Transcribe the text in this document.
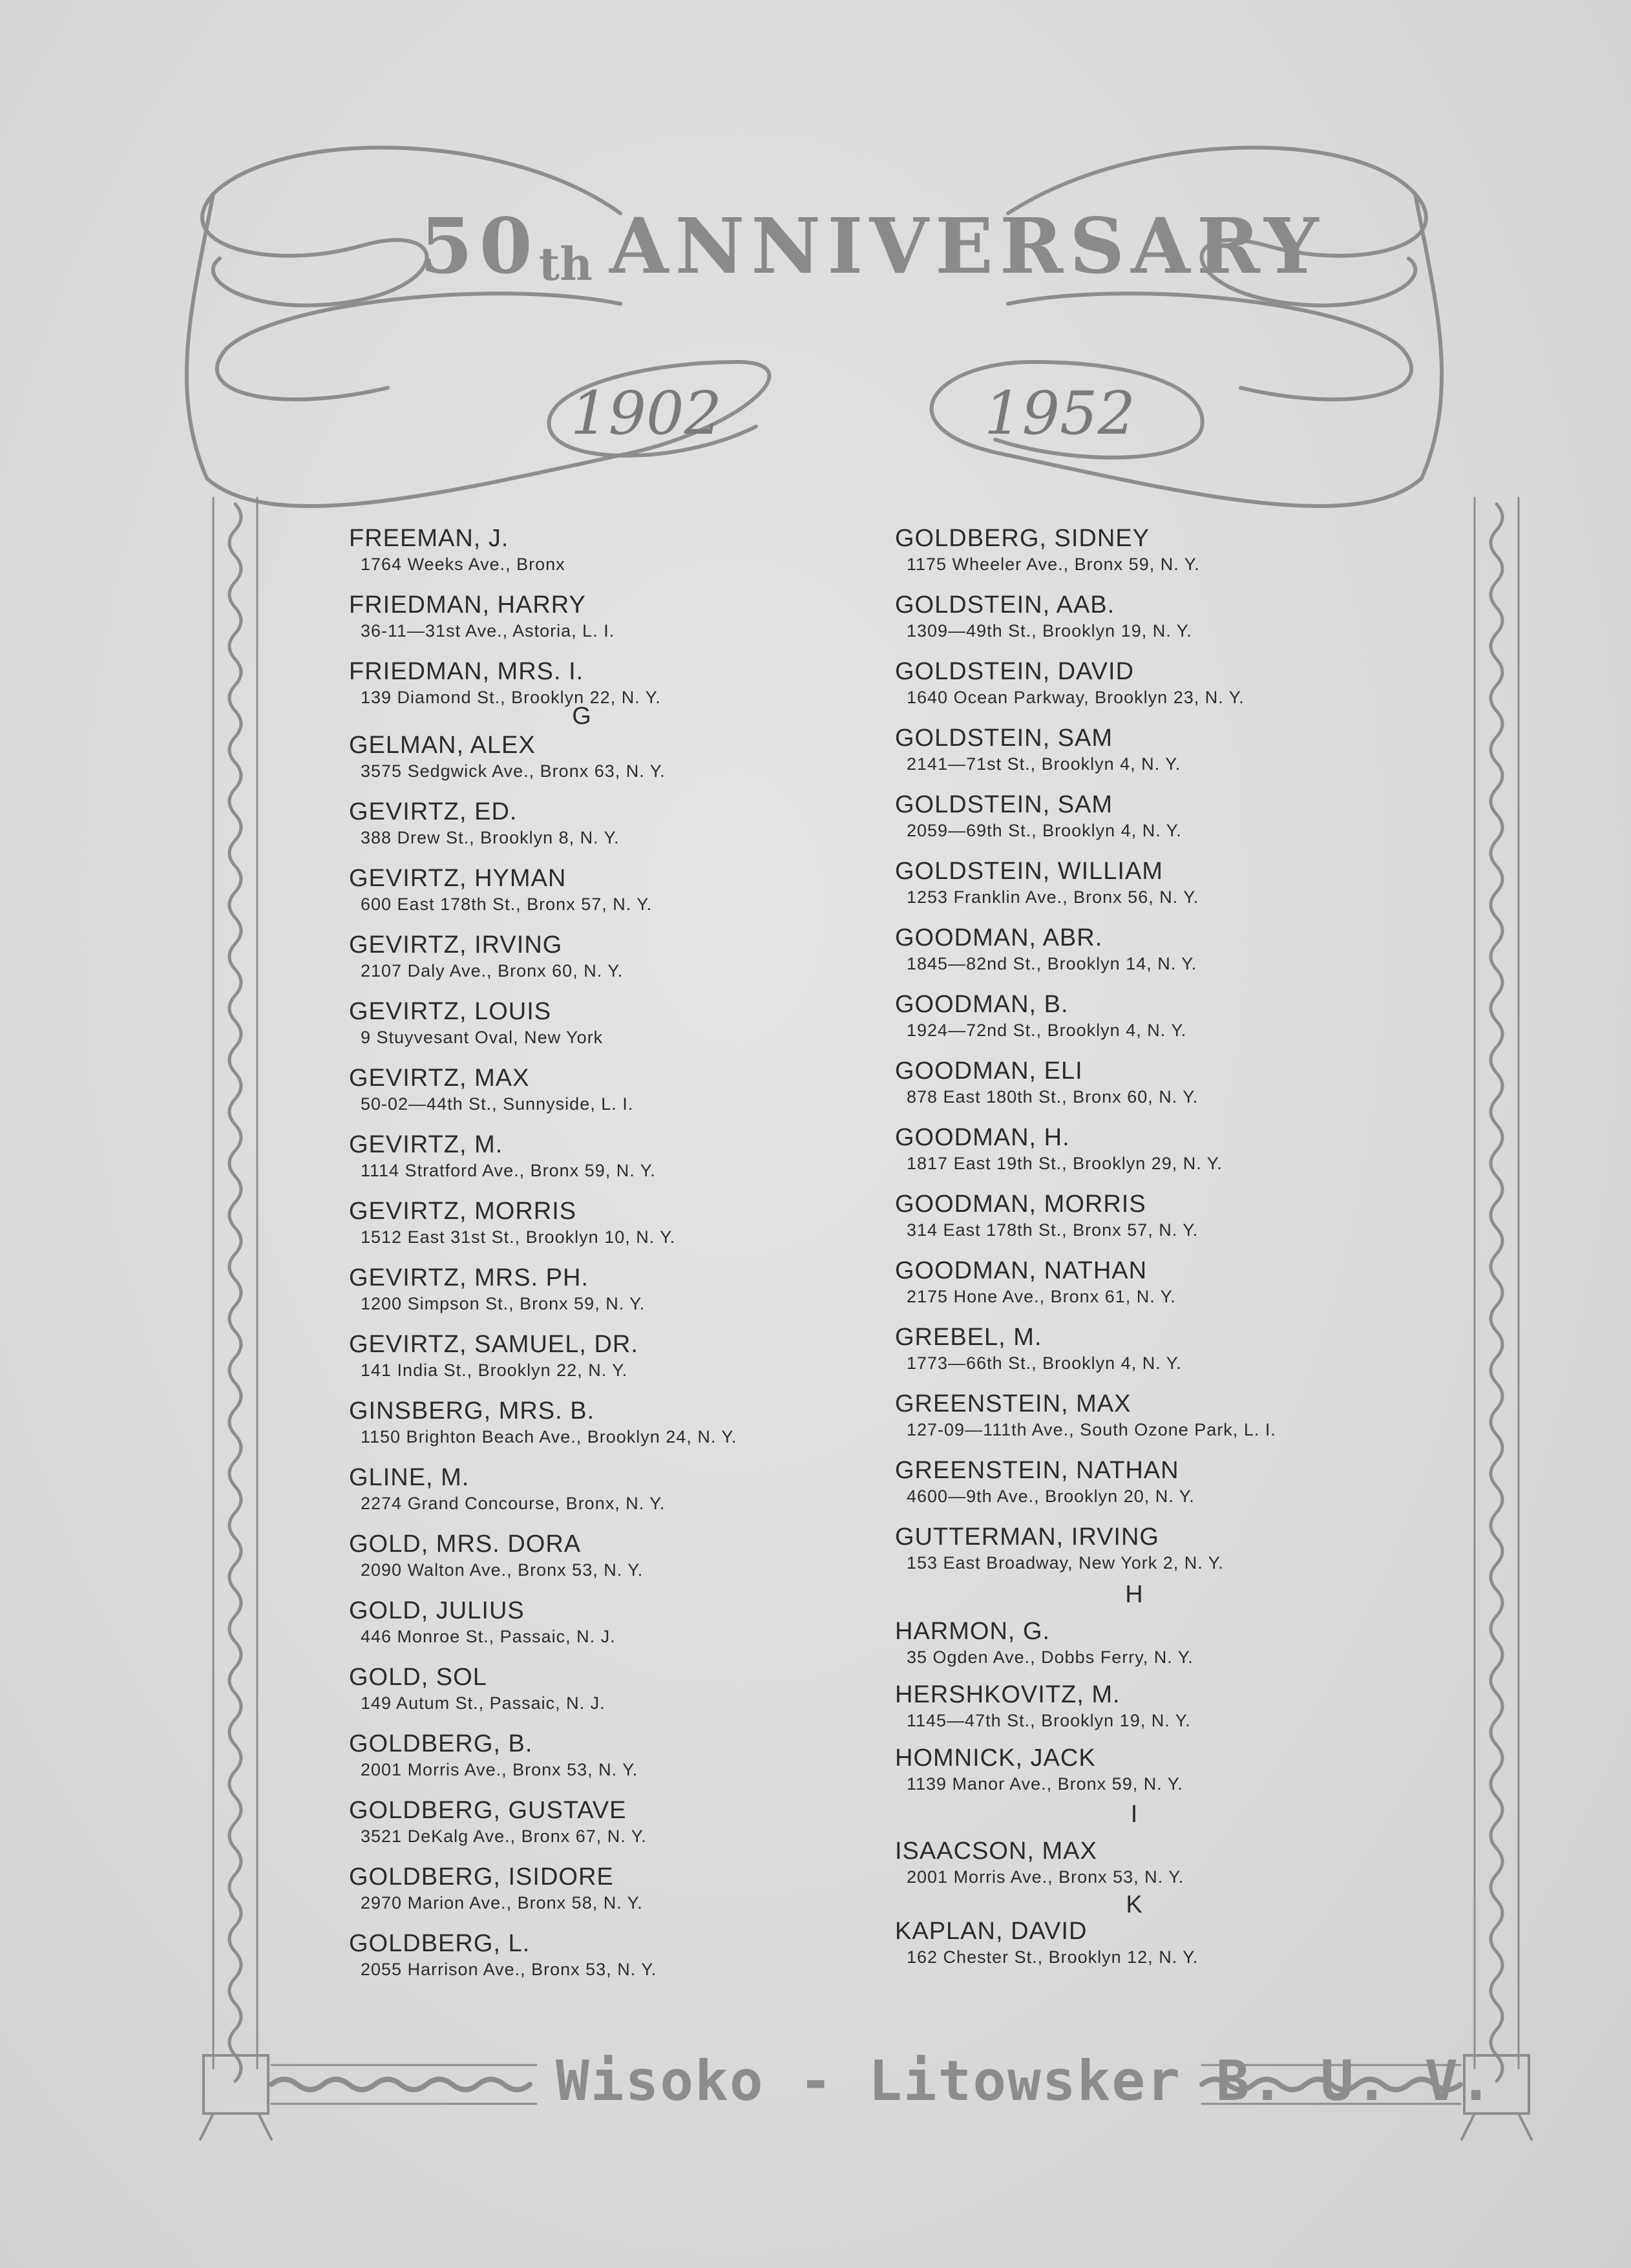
50 th ANNIVERSARY
1902	1952
FREEMAN, J.
1764 Weeks Ave., Bronx
FRIEDMAN, HARRY
36-11—31st Ave., Astoria, L. I.
FRIEDMAN, MRS. I.
139 Diamond St., Brooklyn 22, N. Y.
G
GELMAN, ALEX
3575 Sedgwick Ave., Bronx 63, N. Y.
GEVIRTZ, ED.
388 Drew St., Brooklyn 8, N. Y.
GEVIRTZ, HYMAN
600 East 178th St., Bronx 57, N. Y.
GEVIRTZ, IRVING
2107 Daly Ave., Bronx 60, N. Y.
GEVIRTZ, LOUIS
9 Stuyvesant Oval, New York
GEVIRTZ, MAX
50-02—44th St., Sunnyside, L. I.
GEVIRTZ, M.
1114 Stratford Ave., Bronx 59, N. Y.
GEVIRTZ, MORRIS
1512 East 31st St., Brooklyn 10, N. Y.
GEVIRTZ, MRS. PH.
1200 Simpson St., Bronx 59, N. Y.
GEVIRTZ, SAMUEL, DR.
141 India St., Brooklyn 22, N. Y.
GINSBERG, MRS. B.
1150 Brighton Beach Ave., Brooklyn 24, N. Y.
GLINE, M.
2274 Grand Concourse, Bronx, N. Y.
GOLD, MRS. DORA
2090 Walton Ave., Bronx 53, N. Y.
GOLD, JULIUS
446 Monroe St., Passaic, N. J.
GOLD, SOL
149 Autum St., Passaic, N. J.
GOLDBERG, B.
2001 Morris Ave., Bronx 53, N. Y.
GOLDBERG, GUSTAVE
3521 DeKalg Ave., Bronx 67, N. Y.
GOLDBERG, ISIDORE
2970 Marion Ave., Bronx 58, N. Y.
GOLDBERG, L.
2055 Harrison Ave., Bronx 53, N. Y.
GOLDBERG, SIDNEY
1175 Wheeler Ave., Bronx 59, N. Y.
GOLDSTEIN, AAB.
1309—49th St., Brooklyn 19, N. Y.
GOLDSTEIN, DAVID
1640 Ocean Parkway, Brooklyn 23, N. Y.
GOLDSTEIN, SAM
2141—71st St., Brooklyn 4, N. Y.
GOLDSTEIN, SAM
2059—69th St., Brooklyn 4, N. Y.
GOLDSTEIN, WILLIAM
1253 Franklin Ave., Bronx 56, N. Y.
GOODMAN, ABR.
1845—82nd St., Brooklyn 14, N. Y.
GOODMAN, B.
1924—72nd St., Brooklyn 4, N. Y.
GOODMAN, ELI
878 East 180th St., Bronx 60, N. Y.
GOODMAN, H.
1817 East 19th St., Brooklyn 29, N. Y.
GOODMAN, MORRIS
314 East 178th St., Bronx 57, N. Y.
GOODMAN, NATHAN
2175 Hone Ave., Bronx 61, N. Y.
GREBEL, M.
1773—66th St., Brooklyn 4, N. Y.
GREENSTEIN, MAX
127-09—111th Ave., South Ozone Park, L. I.
GREENSTEIN, NATHAN
4600—9th Ave., Brooklyn 20, N. Y.
GUTTERMAN, IRVING
153 East Broadway, New York 2, N. Y.
H
HARMON, G.
35 Ogden Ave., Dobbs Ferry, N. Y.
HERSHKOVITZ, M.
1145—47th St., Brooklyn 19, N. Y.
HOMNICK, JACK
1139 Manor Ave., Bronx 59, N. Y.
I
ISAACSON, MAX
2001 Morris Ave., Bronx 53, N. Y.
K
KAPLAN, DAVID
162 Chester St., Brooklyn 12, N. Y.
Wisoko - Litowsker B. U. V.
